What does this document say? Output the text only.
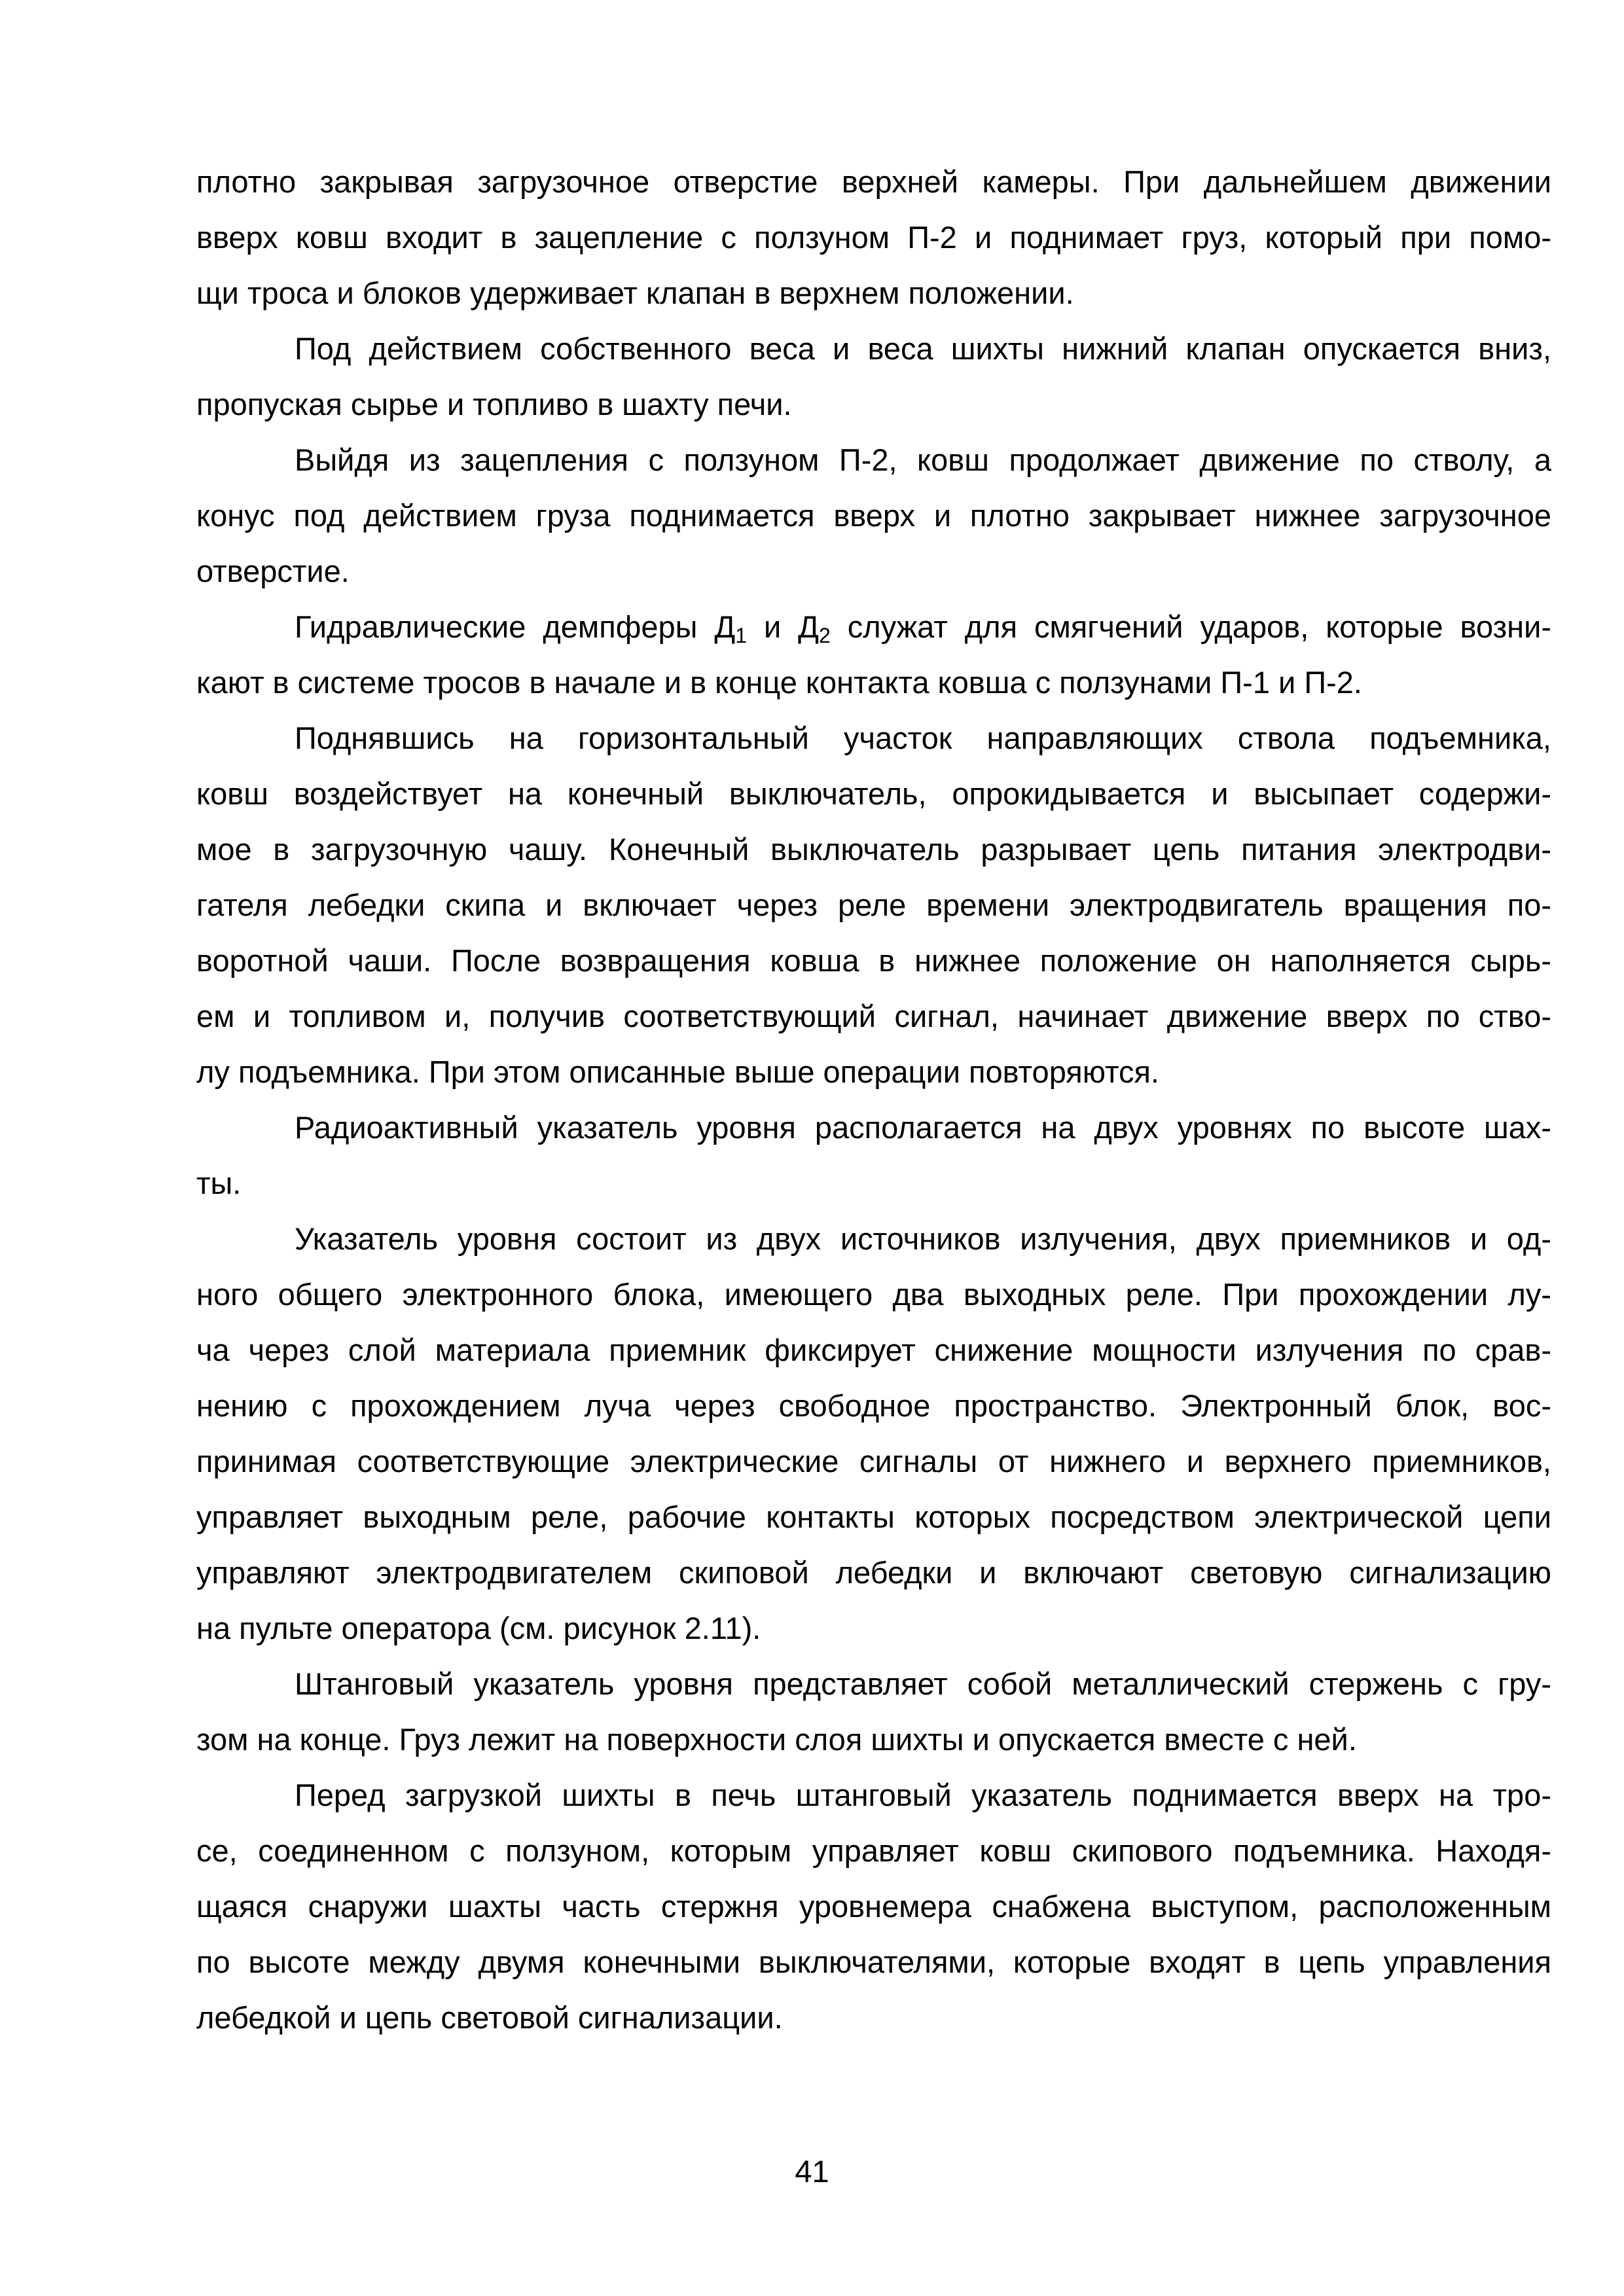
плотно закрывая загрузочное отверстие верхней камеры. При дальнейшем движении
вверх ковш входит в зацепление с ползуном П-2 и поднимает груз, который при помо-
щи троса и блоков удерживает клапан в верхнем положении.
Под действием собственного веса и веса шихты нижний клапан опускается вниз,
пропуская сырье и топливо в шахту печи.
Выйдя из зацепления с ползуном П-2, ковш продолжает движение по стволу, а
конус под действием груза поднимается вверх и плотно закрывает нижнее загрузочное
отверстие.
Гидравлические демпферы $Д_1$ и $Д_2$ служат для смягчений ударов, которые возни-
кают в системе тросов в начале и в конце контакта ковша с ползунами П-1 и П-2.
Поднявшись на горизонтальный участок направляющих ствола подъемника,
ковш воздействует на конечный выключатель, опрокидывается и высыпает содержи-
мое в загрузочную чашу. Конечный выключатель разрывает цепь питания электродви-
гателя лебедки скипа и включает через реле времени электродвигатель вращения по-
воротной чаши. После возвращения ковша в нижнее положение он наполняется сырь-
ем и топливом и, получив соответствующий сигнал, начинает движение вверх по ство-
лу подъемника. При этом описанные выше операции повторяются.
Радиоактивный указатель уровня располагается на двух уровнях по высоте шах-
ты.
Указатель уровня состоит из двух источников излучения, двух приемников и од-
ного общего электронного блока, имеющего два выходных реле. При прохождении лу-
ча через слой материала приемник фиксирует снижение мощности излучения по срав-
нению с прохождением луча через свободное пространство. Электронный блок, вос-
принимая соответствующие электрические сигналы от нижнего и верхнего приемников,
управляет выходным реле, рабочие контакты которых посредством электрической цепи
управляют электродвигателем скиповой лебедки и включают световую сигнализацию
на пульте оператора (см. рисунок 2.11).
Штанговый указатель уровня представляет собой металлический стержень с гру-
зом на конце. Груз лежит на поверхности слоя шихты и опускается вместе с ней.
Перед загрузкой шихты в печь штанговый указатель поднимается вверх на тро-
се, соединенном с ползуном, которым управляет ковш скипового подъемника. Находя-
щаяся снаружи шахты часть стержня уровнемера снабжена выступом, расположенным
по высоте между двумя конечными выключателями, которые входят в цепь управления
лебедкой и цепь световой сигнализации.
41
